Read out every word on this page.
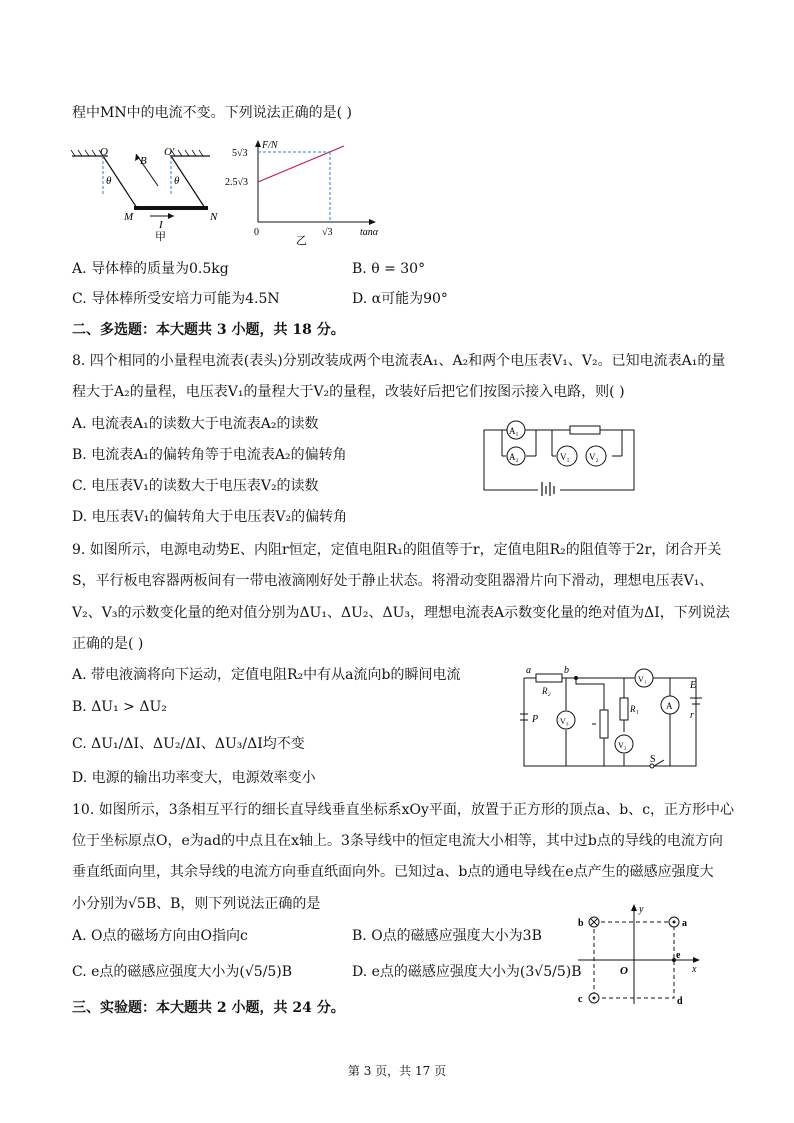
程中MN中的电流不变。下列说法正确的是( )
O	O′
θ	θ
B
M	N
I
甲
F/N
5√3
2.5√3
0	√3	tanα
乙
A. 导体棒的质量为0.5kg	B. θ = 30°
C. 导体棒所受安培力可能为4.5N	D. α可能为90°
二、多选题：本大题共 3 小题，共 18 分。
8. 四个相同的小量程电流表(表头)分别改装成两个电流表A₁、A₂和两个电压表V₁、V₂。已知电流表A₁的量
程大于A₂的量程，电压表V₁的量程大于V₂的量程，改装好后把它们按图示接入电路，则( )
A. 电流表A₁的读数大于电流表A₂的读数
B. 电流表A₁的偏转角等于电流表A₂的偏转角
C. 电压表V₁的读数大于电压表V₂的读数
D. 电压表V₁的偏转角大于电压表V₂的偏转角
A₁
A₂	V₁ V₂
9. 如图所示，电源电动势E、内阻r恒定，定值电阻R₁的阻值等于r，定值电阻R₂的阻值等于2r，闭合开关
S，平行板电容器两板间有一带电液滴刚好处于静止状态。将滑动变阻器滑片向下滑动，理想电压表V₁、
V₂、V₃的示数变化量的绝对值分别为ΔU₁、ΔU₂、ΔU₃，理想电流表A示数变化量的绝对值为ΔI，下列说法
正确的是( )
A. 带电液滴将向下运动，定值电阻R₂中有从a流向b的瞬间电流
B. ΔU₁ > ΔU₂
C. ΔU₁/ΔI、ΔU₂/ΔI、ΔU₃/ΔI均不变
D. 电源的输出功率变大，电源效率变小
a	b
R₂
R₁
V₁
V₂
V₃
A
E
r
P
S
10. 如图所示，3条相互平行的细长直导线垂直坐标系xOy平面，放置于正方形的顶点a、b、c，正方形中心
位于坐标原点O，e为ad的中点且在x轴上。3条导线中的恒定电流大小相等，其中过b点的导线的电流方向
垂直纸面向里，其余导线的电流方向垂直纸面向外。已知过a、b点的通电导线在e点产生的磁感应强度大
小分别为√5B、B，则下列说法正确的是
A. O点的磁场方向由O指向c	B. O点的磁感应强度大小为3B
C. e点的磁感应强度大小为(√5/5)B	D. e点的磁感应强度大小为(3√5/5)B
b	a
c	d
e
O	x
y
三、实验题：本大题共 2 小题，共 24 分。
第 3 页，共 17 页
